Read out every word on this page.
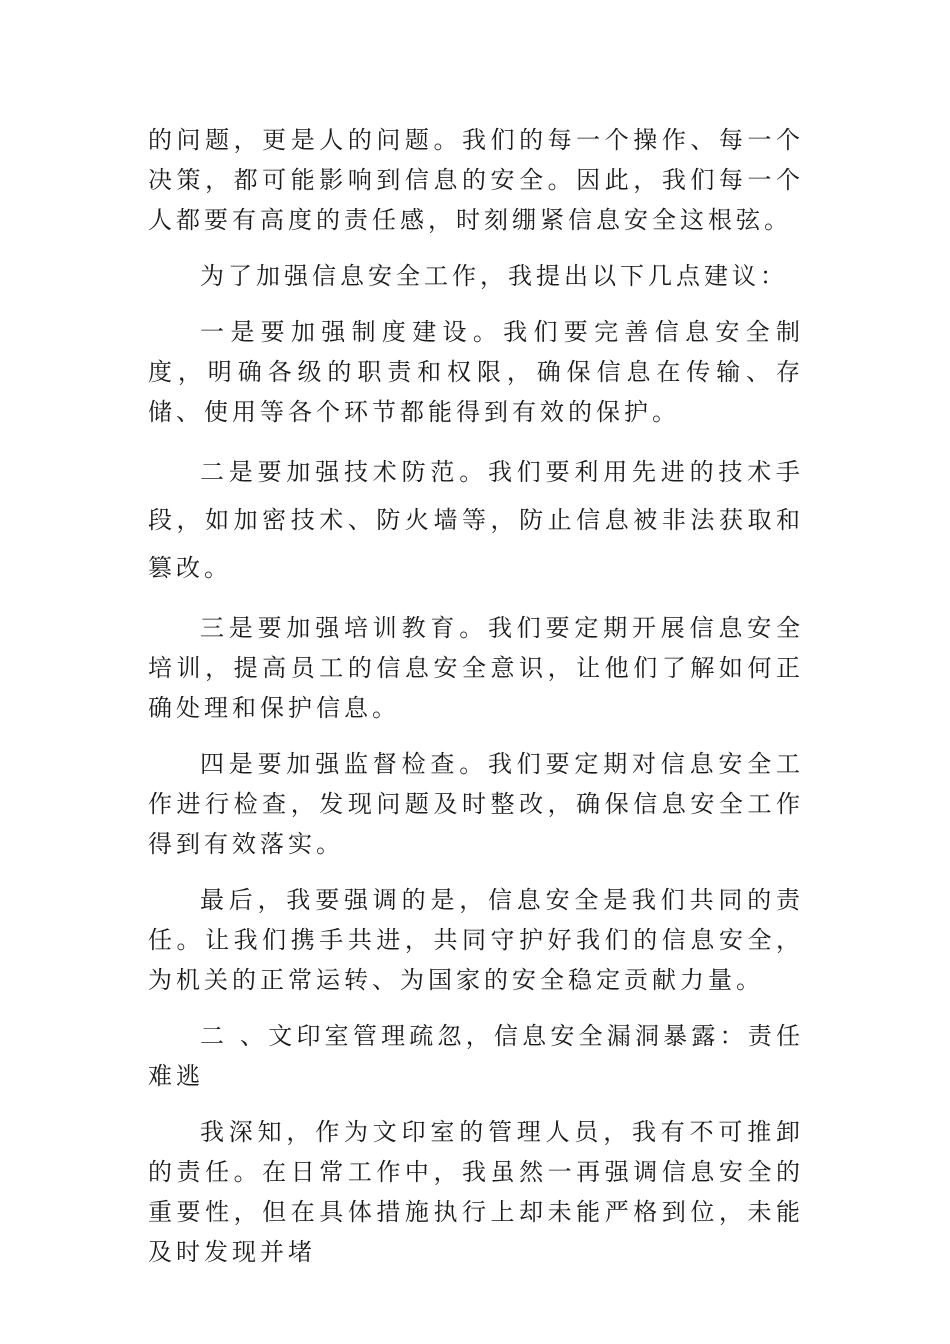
的问题，更是人的问题。我们的每一个操作、每一个决策，都可能影响到信息的安全。因此，我们每一个人都要有高度的责任感，时刻绷紧信息安全这根弦。

为了加强信息安全工作，我提出以下几点建议：

一是要加强制度建设。我们要完善信息安全制度，明确各级的职责和权限，确保信息在传输、存储、使用等各个环节都能得到有效的保护。

二是要加强技术防范。我们要利用先进的技术手段，如加密技术、防火墙等，防止信息被非法获取和篡改。

三是要加强培训教育。我们要定期开展信息安全培训，提高员工的信息安全意识，让他们了解如何正确处理和保护信息。

四是要加强监督检查。我们要定期对信息安全工作进行检查，发现问题及时整改，确保信息安全工作得到有效落实。

最后，我要强调的是，信息安全是我们共同的责任。让我们携手共进，共同守护好我们的信息安全，为机关的正常运转、为国家的安全稳定贡献力量。

二 、文印室管理疏忽，信息安全漏洞暴露：责任难逃

我深知，作为文印室的管理人员，我有不可推卸的责任。在日常工作中，我虽然一再强调信息安全的重要性，但在具体措施执行上却未能严格到位，未能及时发现并堵
